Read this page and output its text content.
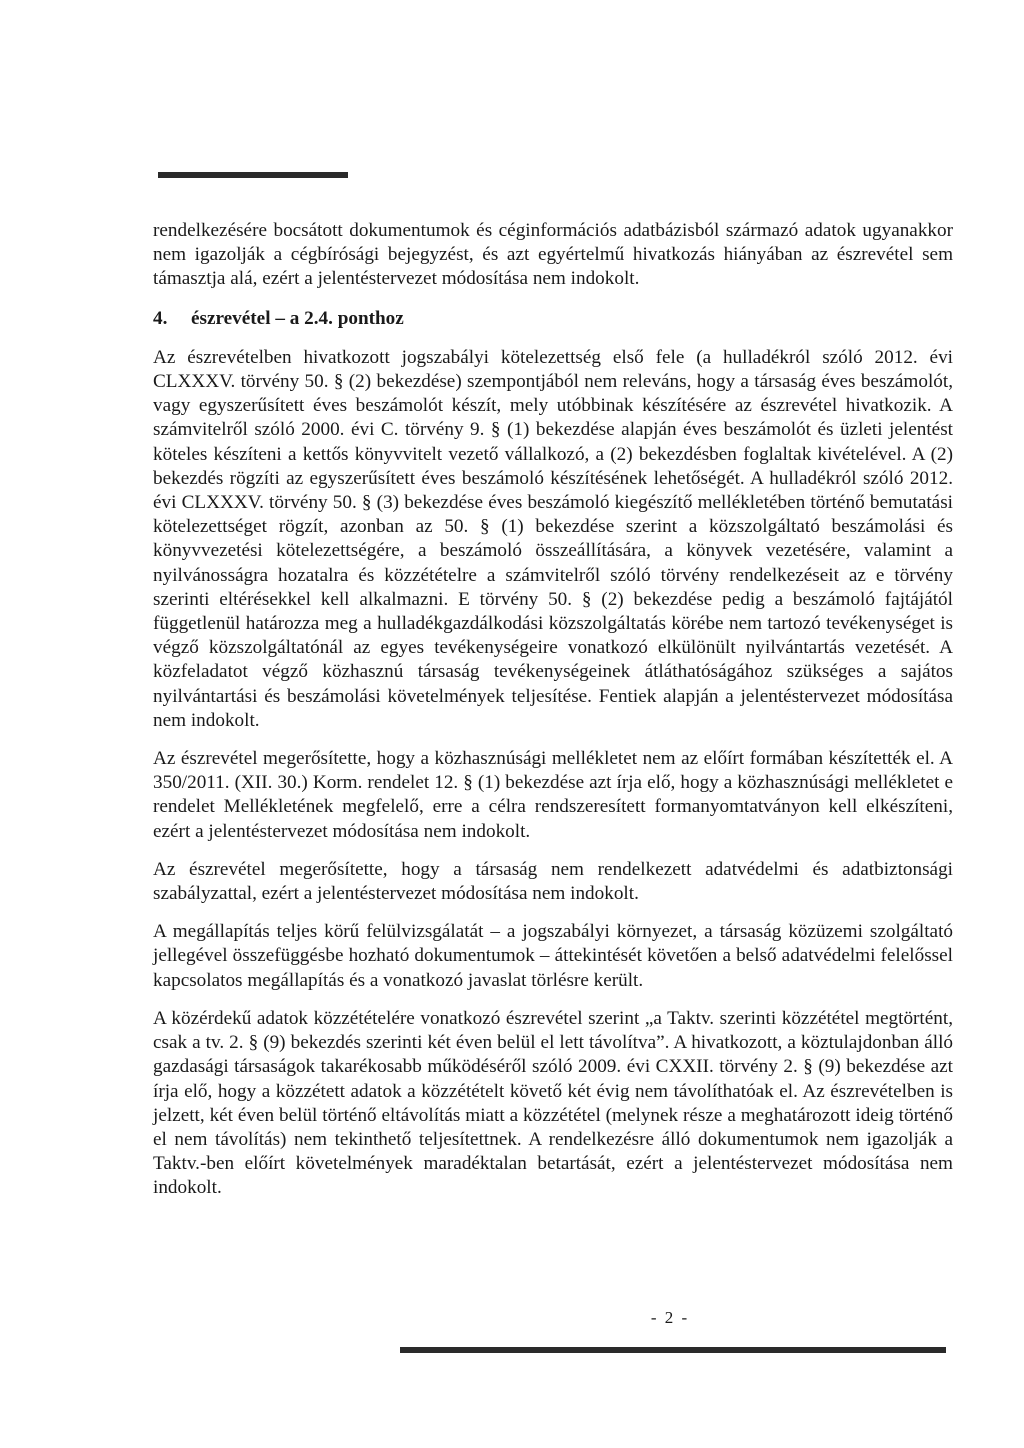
rendelkezésére bocsátott dokumentumok és céginformációs adatbázisból származó adatok ugyanakkor nem igazolják a cégbírósági bejegyzést, és azt egyértelmű hivatkozás hiányában az észrevétel sem támasztja alá, ezért a jelentéstervezet módosítása nem indokolt.

4.	észrevétel – a 2.4. ponthoz

Az észrevételben hivatkozott jogszabályi kötelezettség első fele (a hulladékról szóló 2012. évi CLXXXV. törvény 50. § (2) bekezdése) szempontjából nem releváns, hogy a társaság éves beszámolót, vagy egyszerűsített éves beszámolót készít, mely utóbbinak készítésére az észrevétel hivatkozik. A számvitelről szóló 2000. évi C. törvény 9. § (1) bekezdése alapján éves beszámolót és üzleti jelentést köteles készíteni a kettős könyvvitelt vezető vállalkozó, a (2) bekezdésben foglaltak kivételével. A (2) bekezdés rögzíti az egyszerűsített éves beszámoló készítésének lehetőségét. A hulladékról szóló 2012. évi CLXXXV. törvény 50. § (3) bekezdése éves beszámoló kiegészítő mellékletében történő bemutatási kötelezettséget rögzít, azonban az 50. § (1) bekezdése szerint a közszolgáltató beszámolási és könyvvezetési kötelezettségére, a beszámoló összeállítására, a könyvek vezetésére, valamint a nyilvánosságra hozatalra és közzétételre a számvitelről szóló törvény rendelkezéseit az e törvény szerinti eltérésekkel kell alkalmazni. E törvény 50. § (2) bekezdése pedig a beszámoló fajtájától függetlenül határozza meg a hulladékgazdálkodási közszolgáltatás körébe nem tartozó tevékenységet is végző közszolgáltatónál az egyes tevékenységeire vonatkozó elkülönült nyilvántartás vezetését. A közfeladatot végző közhasznú társaság tevékenységeinek átláthatóságához szükséges a sajátos nyilvántartási és beszámolási követelmények teljesítése. Fentiek alapján a jelentéstervezet módosítása nem indokolt.

Az észrevétel megerősítette, hogy a közhasznúsági mellékletet nem az előírt formában készítették el. A 350/2011. (XII. 30.) Korm. rendelet 12. § (1) bekezdése azt írja elő, hogy a közhasznúsági mellékletet e rendelet Mellékletének megfelelő, erre a célra rendszeresített formanyomtatványon kell elkészíteni, ezért a jelentéstervezet módosítása nem indokolt.

Az észrevétel megerősítette, hogy a társaság nem rendelkezett adatvédelmi és adatbiztonsági szabályzattal, ezért a jelentéstervezet módosítása nem indokolt.

A megállapítás teljes körű felülvizsgálatát – a jogszabályi környezet, a társaság közüzemi szolgáltató jellegével összefüggésbe hozható dokumentumok – áttekintését követően a belső adatvédelmi felelőssel kapcsolatos megállapítás és a vonatkozó javaslat törlésre került.

A közérdekű adatok közzétételére vonatkozó észrevétel szerint „a Taktv. szerinti közzététel megtörtént, csak a tv. 2. § (9) bekezdés szerinti két éven belül el lett távolítva”. A hivatkozott, a köztulajdonban álló gazdasági társaságok takarékosabb működéséről szóló 2009. évi CXXII. törvény 2. § (9) bekezdése azt írja elő, hogy a közzétett adatok a közzétételt követő két évig nem távolíthatóak el. Az észrevételben is jelzett, két éven belül történő eltávolítás miatt a közzététel (melynek része a meghatározott ideig történő el nem távolítás) nem tekinthető teljesítettnek. A rendelkezésre álló dokumentumok nem igazolják a Taktv.-ben előírt követelmények maradéktalan betartását, ezért a jelentéstervezet módosítása nem indokolt.

- 2 -
